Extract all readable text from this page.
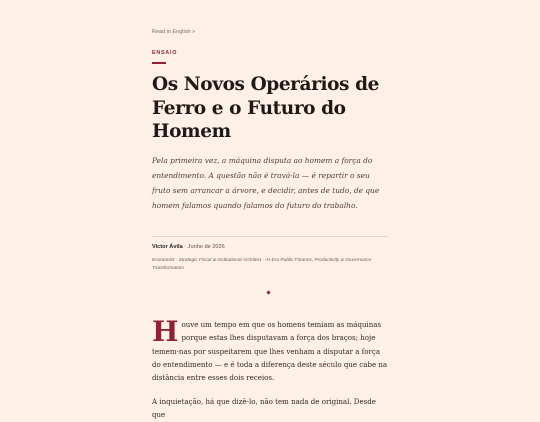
Read in English »
ENSAIO
Os Novos Operários de Ferro e o Futuro do Homem

Pela primeira vez, a máquina disputa ao homem a força do entendimento. A questão não é travá-la — é repartir o seu fruto sem arrancar a árvore, e decidir, antes de tudo, de que homem falamos quando falamos do futuro do trabalho.

Victor Ávila · Junho de 2026

Economist · Strategic Fiscal & Institutional Architect · AI-Era Public Finance, Productivity & Governance Transformation

Houve um tempo em que os homens temiam as máquinas porque estas lhes disputavam a força dos braços; hoje temem-nas por suspeitarem que lhes venham a disputar a força do entendimento — e é toda a diferença deste século que cabe na distância entre esses dois receios.

A inquietação, há que dizê-lo, não tem nada de original. Desde que
